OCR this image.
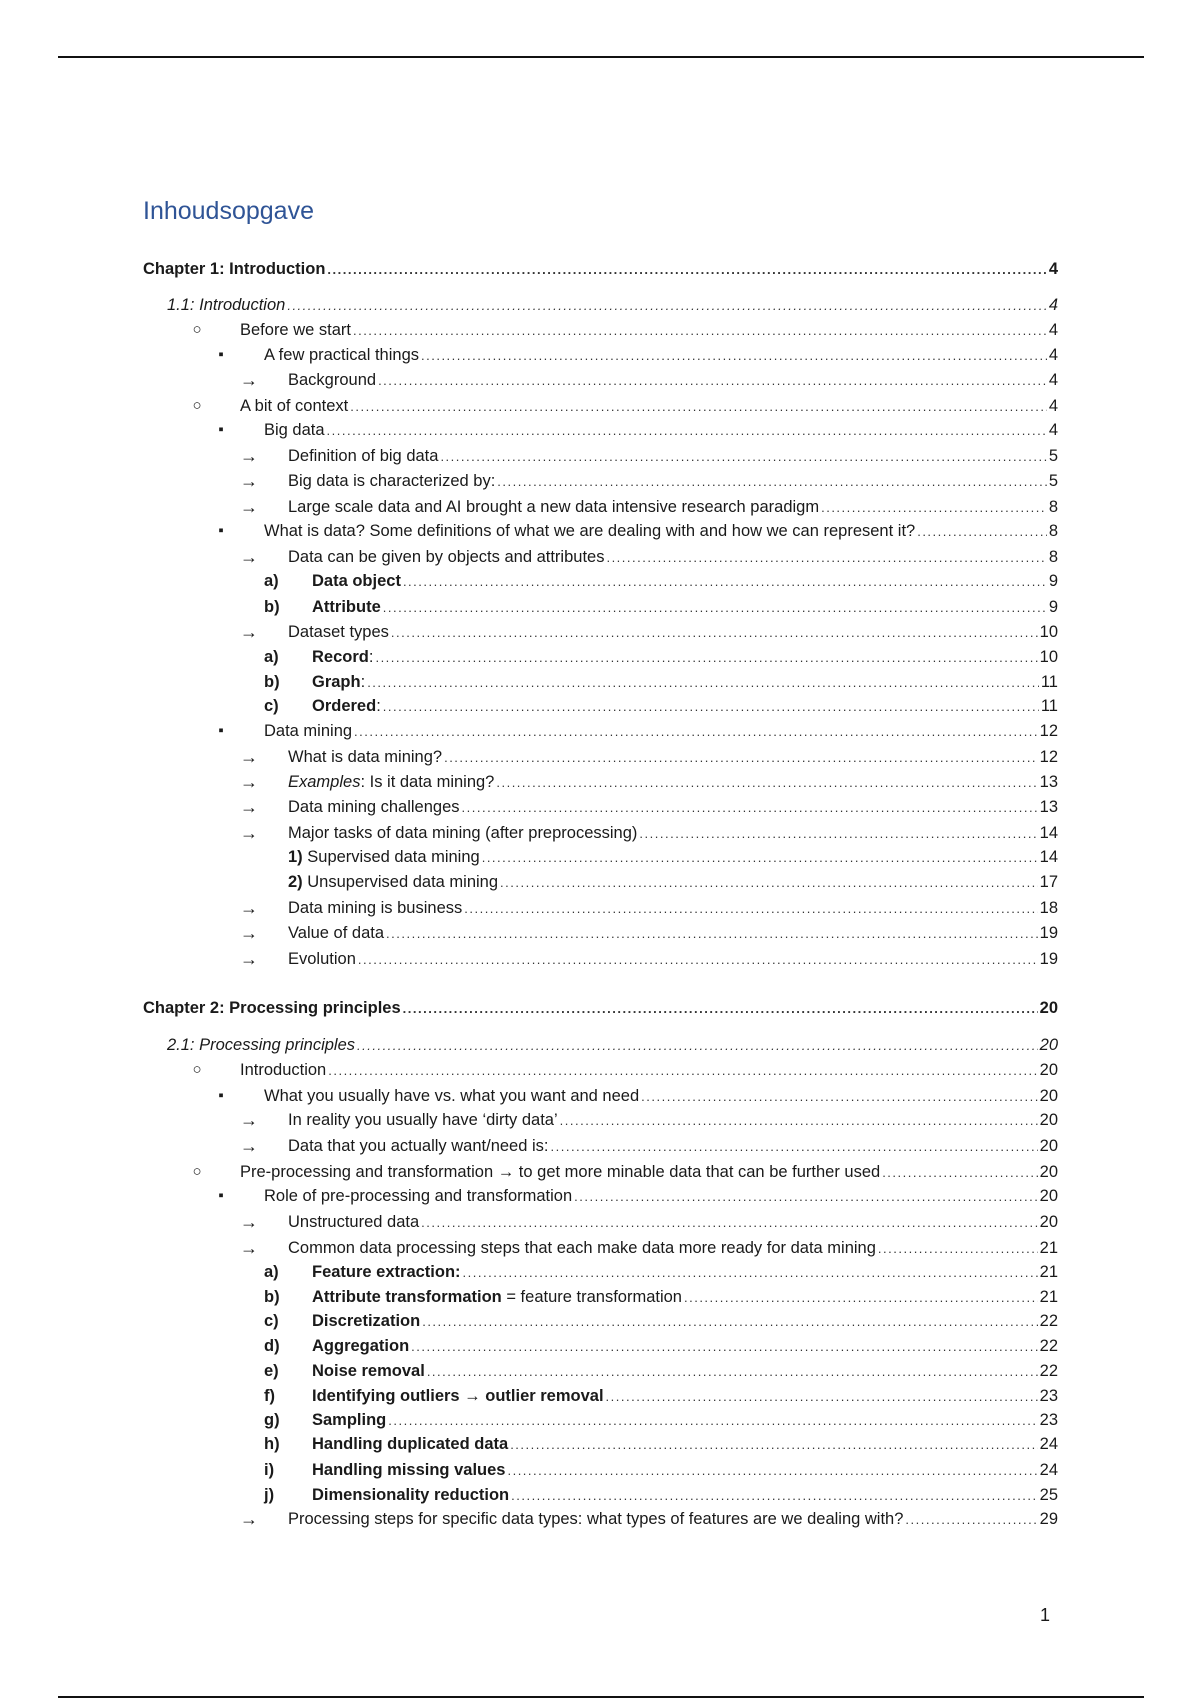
Inhoudsopgave
Chapter 1: Introduction .....	4
1.1: Introduction .....	4
○	Before we start .....	4
▪	A few practical things .....	4
→ Background .....	4
○	A bit of context .....	4
▪	Big data .....	4
→ Definition of big data .....	5
→ Big data is characterized by: .....	5
→ Large scale data and AI brought a new data intensive research paradigm .....	8
▪	What is data? Some definitions of what we are dealing with and how we can represent it? .....	8
→ Data can be given by objects and attributes .....	8
a) Data object .....	9
b) Attribute .....	9
→ Dataset types .....	10
a) Record: .....	10
b) Graph: .....	11
c) Ordered: .....	11
▪	Data mining .....	12
→ What is data mining? .....	12
→ Examples: Is it data mining? .....	13
→ Data mining challenges .....	13
→ Major tasks of data mining (after preprocessing) .....	14
1) Supervised data mining .....	14
2) Unsupervised data mining .....	17
→ Data mining is business .....	18
→ Value of data .....	19
→ Evolution .....	19
Chapter 2: Processing principles .....	20
2.1: Processing principles .....	20
○	Introduction .....	20
▪	What you usually have vs. what you want and need .....	20
→ In reality you usually have ‘dirty data’ .....	20
→ Data that you actually want/need is: .....	20
○	Pre-processing and transformation → to get more minable data that can be further used .....	20
▪	Role of pre-processing and transformation .....	20
→ Unstructured data .....	20
→ Common data processing steps that each make data more ready for data mining .....	21
a) Feature extraction: .....	21
b) Attribute transformation = feature transformation .....	21
c) Discretization .....	22
d) Aggregation .....	22
e) Noise removal .....	22
f) Identifying outliers → outlier removal .....	23
g) Sampling .....	23
h) Handling duplicated data .....	24
i) Handling missing values .....	24
j) Dimensionality reduction .....	25
→ Processing steps for specific data types: what types of features are we dealing with? .....	29
1
